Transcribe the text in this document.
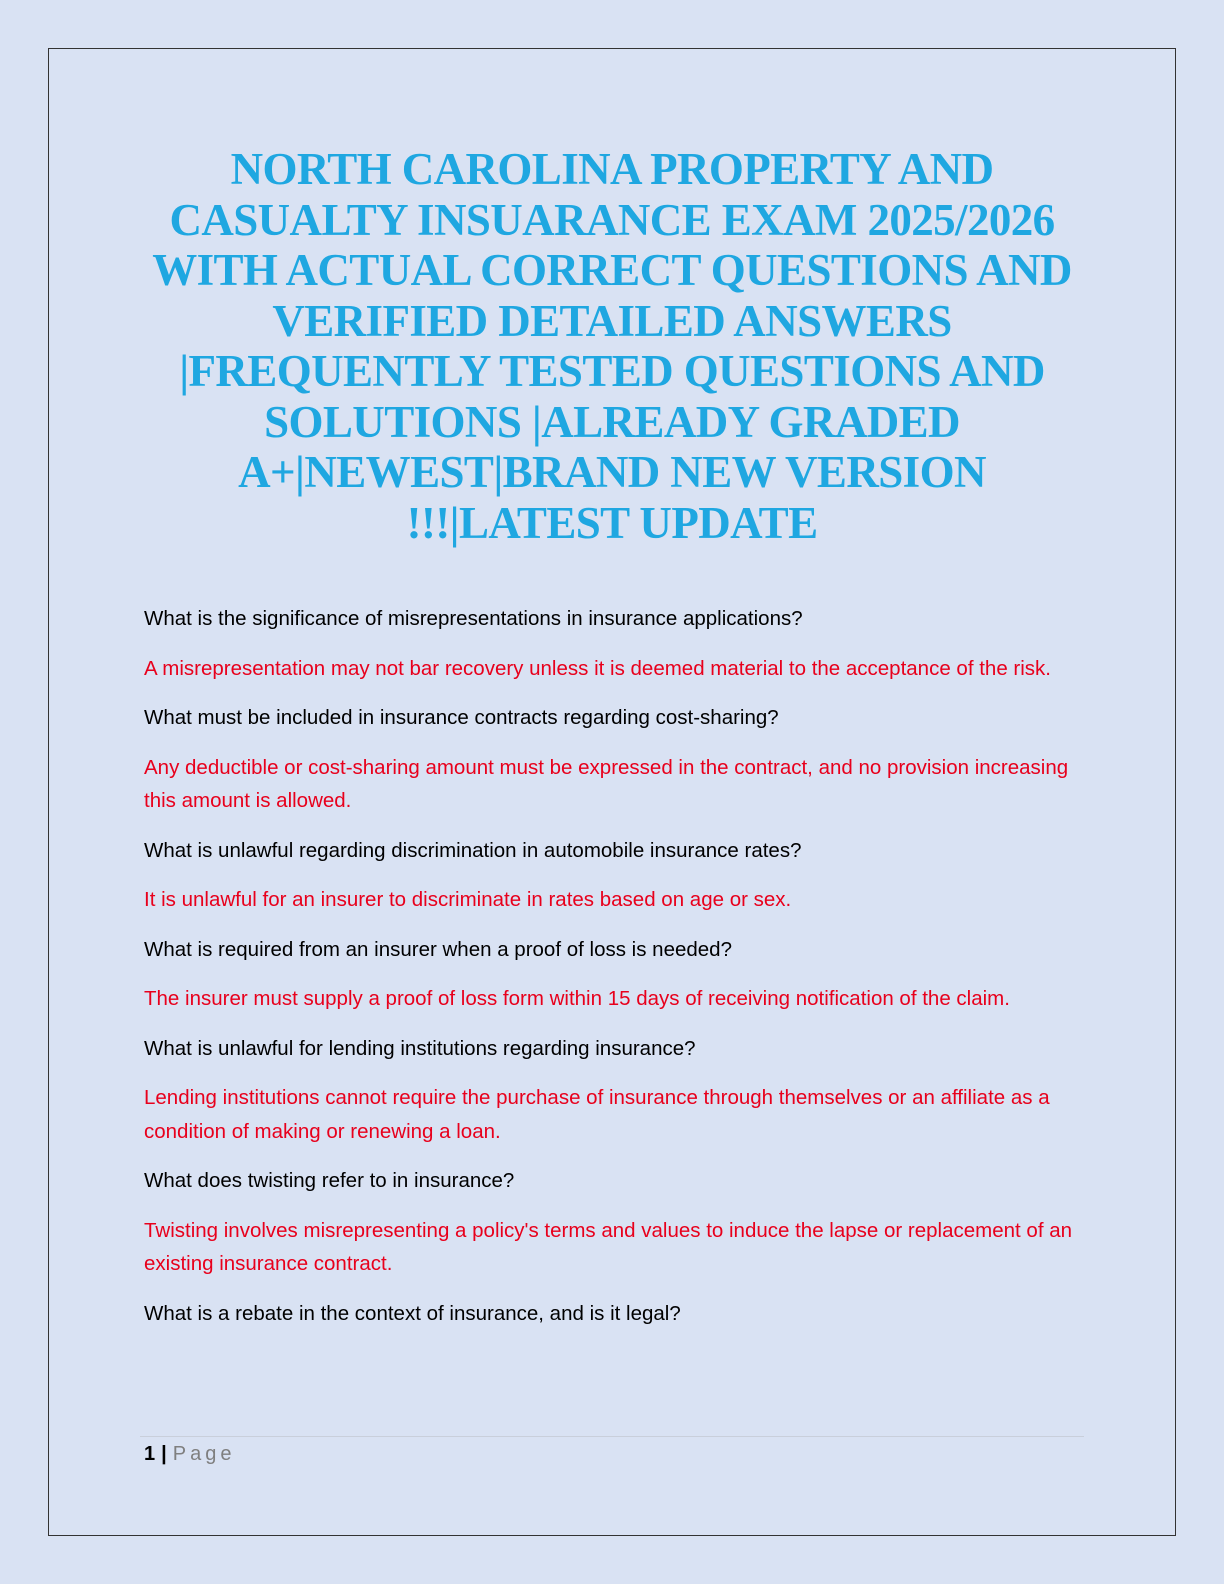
NORTH CAROLINA PROPERTY AND
CASUALTY INSUARANCE EXAM 2025/2026
WITH ACTUAL CORRECT QUESTIONS AND
VERIFIED DETAILED ANSWERS
|FREQUENTLY TESTED QUESTIONS AND
SOLUTIONS |ALREADY GRADED
A+|NEWEST|BRAND NEW VERSION
!!!|LATEST UPDATE

What is the significance of misrepresentations in insurance applications?

A misrepresentation may not bar recovery unless it is deemed material to the acceptance of the risk.

What must be included in insurance contracts regarding cost-sharing?

Any deductible or cost-sharing amount must be expressed in the contract, and no provision increasing this amount is allowed.

What is unlawful regarding discrimination in automobile insurance rates?

It is unlawful for an insurer to discriminate in rates based on age or sex.

What is required from an insurer when a proof of loss is needed?

The insurer must supply a proof of loss form within 15 days of receiving notification of the claim.

What is unlawful for lending institutions regarding insurance?

Lending institutions cannot require the purchase of insurance through themselves or an affiliate as a condition of making or renewing a loan.

What does twisting refer to in insurance?

Twisting involves misrepresenting a policy's terms and values to induce the lapse or replacement of an existing insurance contract.

What is a rebate in the context of insurance, and is it legal?

1 | Page
